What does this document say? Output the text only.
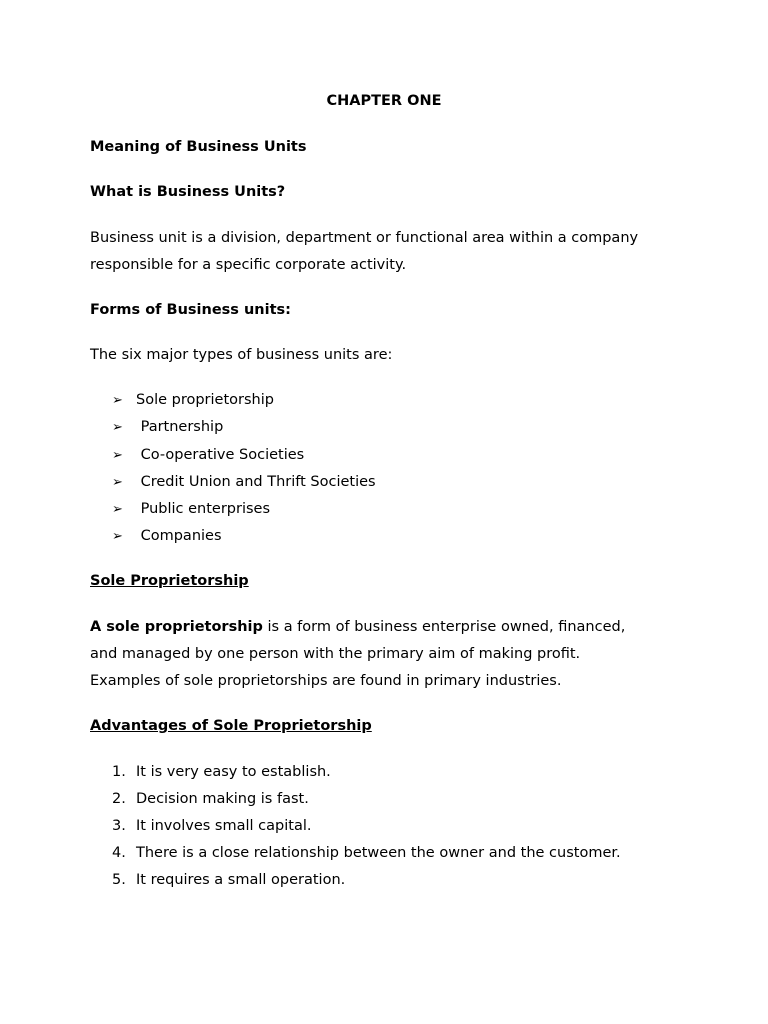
CHAPTER ONE
Meaning of Business Units
What is Business Units?
Business unit is a division, department or functional area within a company
responsible for a specific corporate activity.
Forms of Business units:
The six major types of business units are:
➢ Sole proprietorship
➢ Partnership
➢ Co-operative Societies
➢ Credit Union and Thrift Societies
➢ Public enterprises
➢ Companies
Sole Proprietorship
A sole proprietorship is a form of business enterprise owned, financed,
and managed by one person with the primary aim of making profit.
Examples of sole proprietorships are found in primary industries.
Advantages of Sole Proprietorship
1. It is very easy to establish.
2. Decision making is fast.
3. It involves small capital.
4. There is a close relationship between the owner and the customer.
5. It requires a small operation.
